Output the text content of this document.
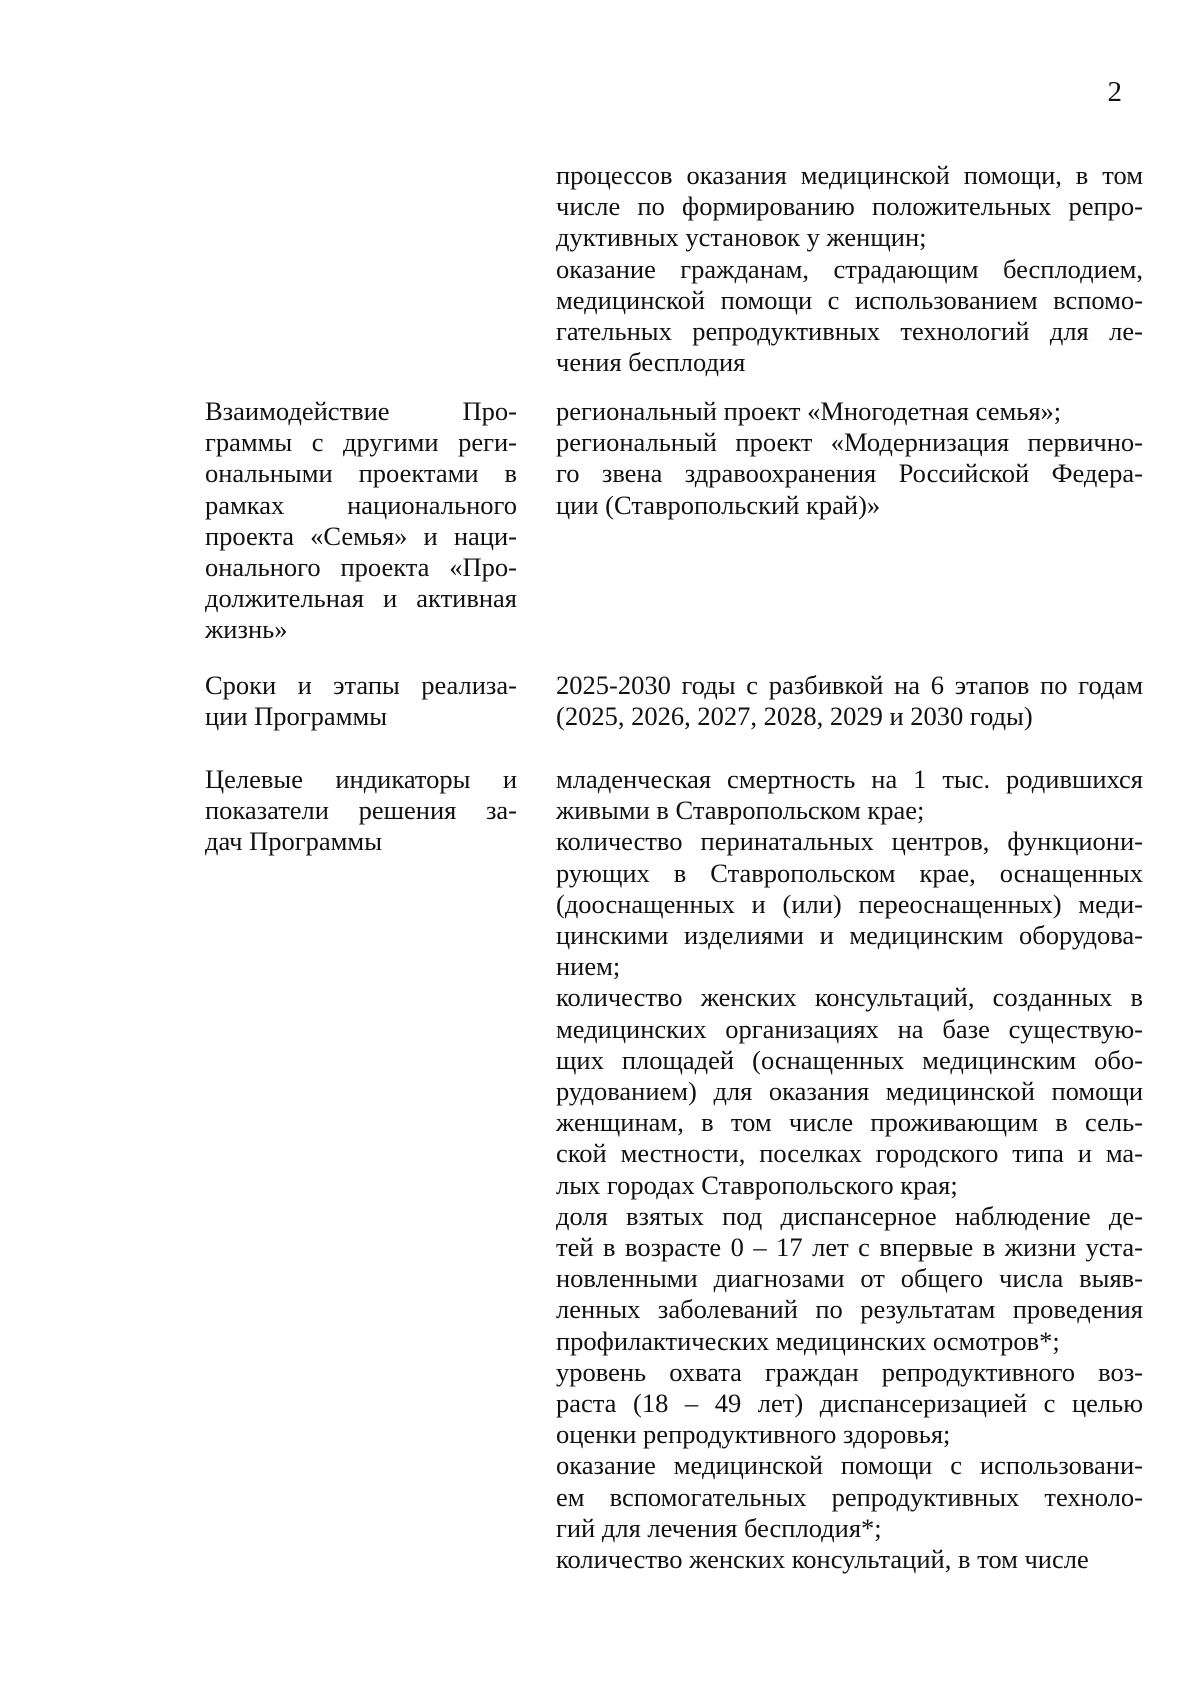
2
процессов оказания медицинской помощи, в том
числе по формированию положительных репро-
дуктивных установок у женщин;
оказание гражданам, страдающим бесплодием,
медицинской помощи с использованием вспомо-
гательных репродуктивных технологий для ле-
чения бесплодия
Взаимодействие Про-
граммы с другими реги-
ональными проектами в
рамках национального
проекта «Семья» и наци-
онального проекта «Про-
должительная и активная
жизнь»
региональный проект «Многодетная семья»;
региональный проект «Модернизация первично-
го звена здравоохранения Российской Федера-
ции (Ставропольский край)»
Сроки и этапы реализа-
ции Программы
2025-2030 годы с разбивкой на 6 этапов по годам
(2025, 2026, 2027, 2028, 2029 и 2030 годы)
Целевые индикаторы и
показатели решения за-
дач Программы
младенческая смертность на 1 тыс. родившихся
живыми в Ставропольском крае;
количество перинатальных центров, функциони-
рующих в Ставропольском крае, оснащенных
(дооснащенных и (или) переоснащенных) меди-
цинскими изделиями и медицинским оборудова-
нием;
количество женских консультаций, созданных в
медицинских организациях на базе существую-
щих площадей (оснащенных медицинским обо-
рудованием) для оказания медицинской помощи
женщинам, в том числе проживающим в сель-
ской местности, поселках городского типа и ма-
лых городах Ставропольского края;
доля взятых под диспансерное наблюдение де-
тей в возрасте 0 – 17 лет с впервые в жизни уста-
новленными диагнозами от общего числа выяв-
ленных заболеваний по результатам проведения
профилактических медицинских осмотров*;
уровень охвата граждан репродуктивного воз-
раста (18 – 49 лет) диспансеризацией с целью
оценки репродуктивного здоровья;
оказание медицинской помощи с использовани-
ем вспомогательных репродуктивных техноло-
гий для лечения бесплодия*;
количество женских консультаций, в том числе
